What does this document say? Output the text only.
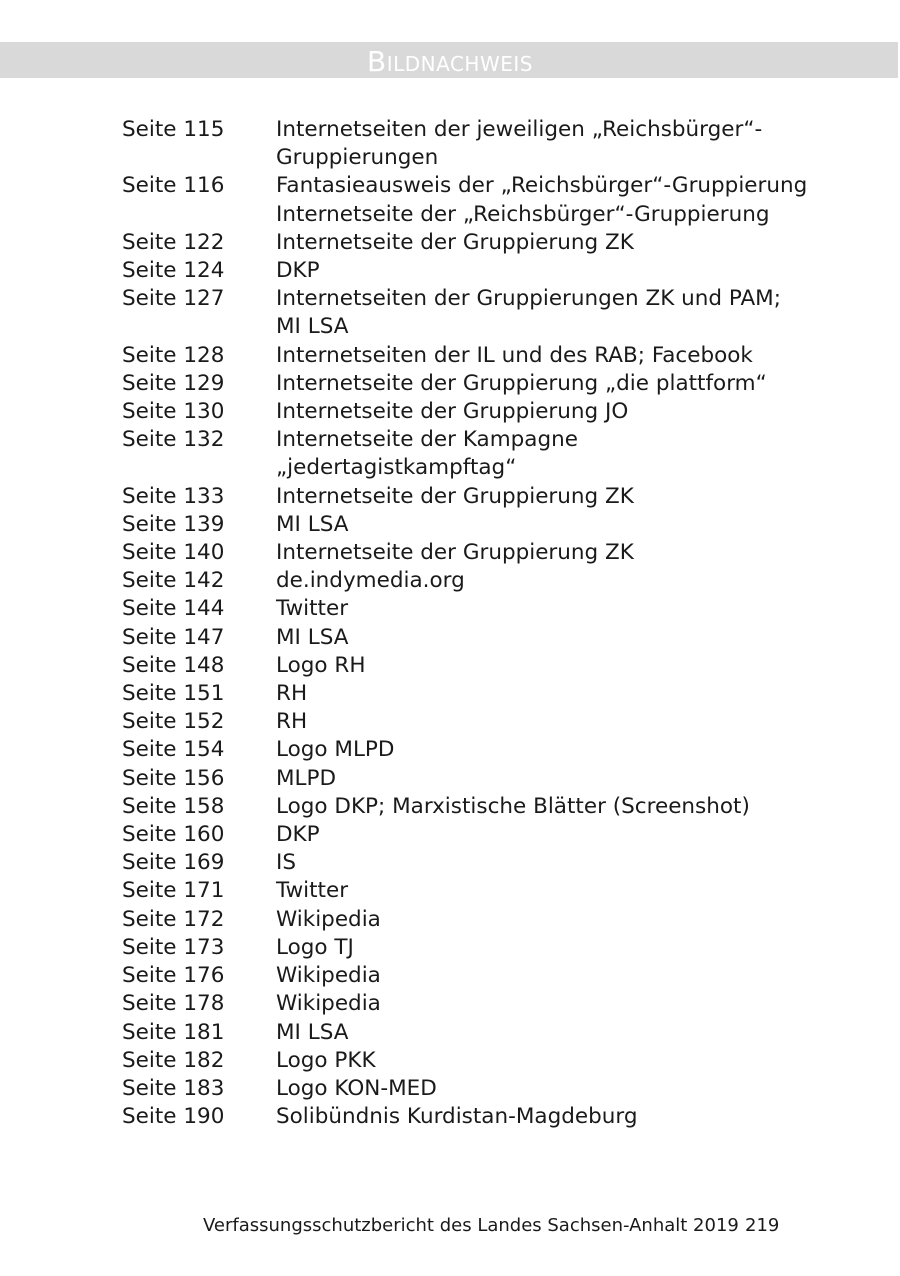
Bildnachweis
Seite 115	Internetseiten der jeweiligen „Reichsbürger“-
Gruppierungen
Seite 116	Fantasieausweis der „Reichsbürger“-Gruppierung
Internetseite der „Reichsbürger“-Gruppierung
Seite 122	Internetseite der Gruppierung ZK
Seite 124	DKP
Seite 127	Internetseiten der Gruppierungen ZK und PAM;
MI LSA
Seite 128	Internetseiten der IL und des RAB; Facebook
Seite 129	Internetseite der Gruppierung „die plattform“
Seite 130	Internetseite der Gruppierung JO
Seite 132	Internetseite der Kampagne
„jedertagistkampftag“
Seite 133	Internetseite der Gruppierung ZK
Seite 139	MI LSA
Seite 140	Internetseite der Gruppierung ZK
Seite 142	de.indymedia.org
Seite 144	Twitter
Seite 147	MI LSA
Seite 148	Logo RH
Seite 151	RH
Seite 152	RH
Seite 154	Logo MLPD
Seite 156	MLPD
Seite 158	Logo DKP; Marxistische Blätter (Screenshot)
Seite 160	DKP
Seite 169	IS
Seite 171	Twitter
Seite 172	Wikipedia
Seite 173	Logo TJ
Seite 176	Wikipedia
Seite 178	Wikipedia
Seite 181	MI LSA
Seite 182	Logo PKK
Seite 183	Logo KON-MED
Seite 190	Solibündnis Kurdistan-Magdeburg
Verfassungsschutzbericht des Landes Sachsen-Anhalt 2019 219
